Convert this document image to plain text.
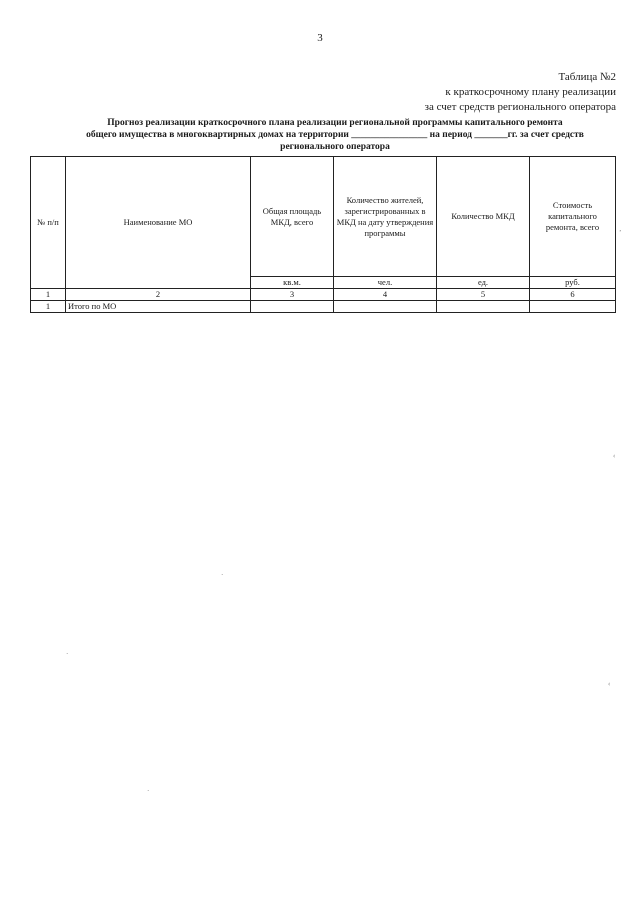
3
Таблица №2
к краткосрочному плану реализации
за счет средств регионального оператора
Прогноз реализации краткосрочного плана реализации региональной программы капитального ремонта
общего имущества в многоквартирных домах на территории ________________ на период _______гг. за счет средств
регионального оператора
№ п/п	Наименование МО	Общая площадь МКД, всего	Количество жителей, зарегистрированных в МКД на дату утверждения программы	Количество МКД	Стоимость капитального ремонта, всего
		кв.м.	чел.	ед.	руб.
1	2	3	4	5	6
1	Итого по МО				
‚
‹
‹
·
·
·
